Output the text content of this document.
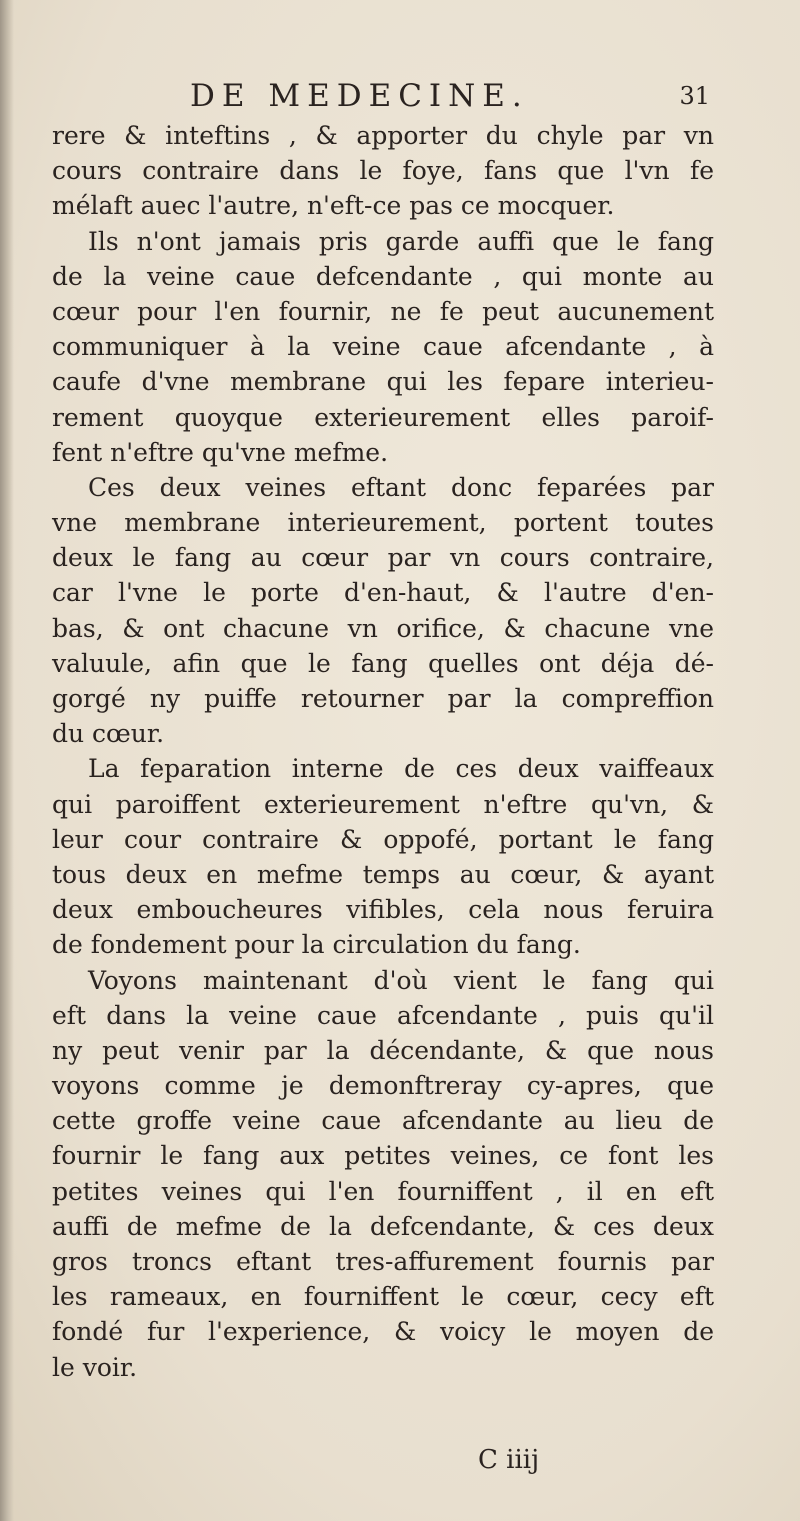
DE MEDECINE.	31
rere & inteftins , & apporter du chyle par vn
cours contraire dans le foye, fans que l'vn fe
mélaft auec l'autre, n'eft-ce pas ce mocquer.
Ils n'ont jamais pris garde auffi que le fang
de la veine caue defcendante , qui monte au
cœur pour l'en fournir, ne fe peut aucunement
communiquer à la veine caue afcendante , à
caufe d'vne membrane qui les fepare interieu-
rement quoyque exterieurement elles paroif-
fent n'eftre qu'vne mefme.
Ces deux veines eftant donc feparées par
vne membrane interieurement, portent toutes
deux le fang au cœur par vn cours contraire,
car l'vne le porte d'en-haut, & l'autre d'en-
bas, & ont chacune vn orifice, & chacune vne
valuule, afin que le fang quelles ont déja dé-
gorgé ny puiffe retourner par la compreffion
du cœur.
La feparation interne de ces deux vaiffeaux
qui paroiffent exterieurement n'eftre qu'vn, &
leur cour contraire & oppofé, portant le fang
tous deux en mefme temps au cœur, & ayant
deux emboucheures vifibles, cela nous feruira
de fondement pour la circulation du fang.
Voyons maintenant d'où vient le fang qui
eft dans la veine caue afcendante , puis qu'il
ny peut venir par la décendante, & que nous
voyons comme je demonftreray cy-apres, que
cette groffe veine caue afcendante au lieu de
fournir le fang aux petites veines, ce font les
petites veines qui l'en fourniffent , il en eft
auffi de mefme de la defcendante, & ces deux
gros troncs eftant tres-affurement fournis par
les rameaux, en fourniffent le cœur, cecy eft
fondé fur l'experience, & voicy le moyen de
le voir.
C iiij
